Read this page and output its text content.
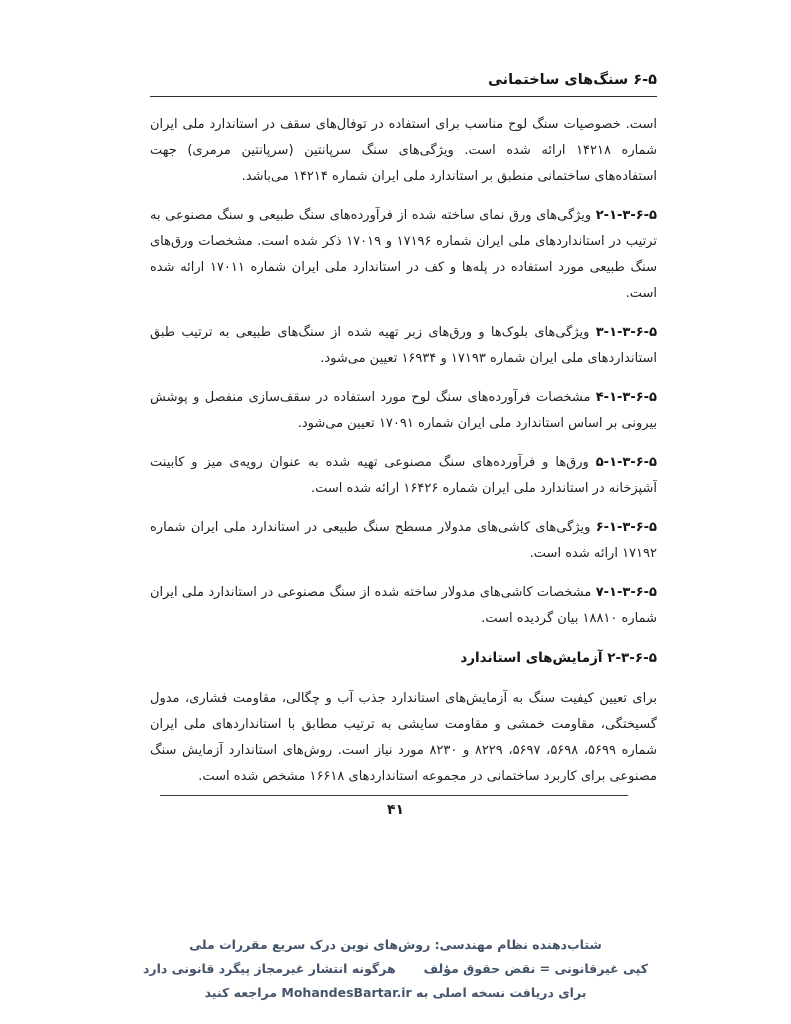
۵-۶ سنگ‌های ساختمانی

است. خصوصیات سنگ لوح مناسب برای استفاده در توفال‌های سقف در استاندارد ملی ایران شماره ۱۴۲۱۸ ارائه شده است. ویژگی‌های سنگ سرپانتین (سرپانتین مرمری) جهت استفاده‌های ساختمانی منطبق بر استاندارد ملی ایران شماره ۱۴۲۱۴ می‌باشد.

۵-۶-۳-۱-۲ ویژگی‌های ورق نمای ساخته شده از فرآورده‌های سنگ طبیعی و سنگ مصنوعی به ترتیب در استانداردهای ملی ایران شماره ۱۷۱۹۶ و ۱۷۰۱۹ ذکر شده است. مشخصات ورق‌های سنگ طبیعی مورد استفاده در پله‌ها و کف در استاندارد ملی ایران شماره ۱۷۰۱۱ ارائه شده است.

۵-۶-۳-۱-۳ ویژگی‌های بلوک‌ها و ورق‌های زبر تهیه شده از سنگ‌های طبیعی به ترتیب طبق استانداردهای ملی ایران شماره ۱۷۱۹۳ و ۱۶۹۳۴ تعیین می‌شود.

۵-۶-۳-۱-۴ مشخصات فرآورده‌های سنگ لوح مورد استفاده در سقف‌سازی منفصل و پوشش بیرونی بر اساس استاندارد ملی ایران شماره ۱۷۰۹۱ تعیین می‌شود.

۵-۶-۳-۱-۵ ورق‌ها و فرآورده‌های سنگ مصنوعی تهیه شده به عنوان رویه‌ی میز و کابینت آشپزخانه در استاندارد ملی ایران شماره ۱۶۴۲۶ ارائه شده است.

۵-۶-۳-۱-۶ ویژگی‌های کاشی‌های مدولار مسطح سنگ طبیعی در استاندارد ملی ایران شماره ۱۷۱۹۲ ارائه شده است.

۵-۶-۳-۱-۷ مشخصات کاشی‌های مدولار ساخته شده از سنگ مصنوعی در استاندارد ملی ایران شماره ۱۸۸۱۰ بیان گردیده است.

۵-۶-۳-۲ آزمایش‌های استاندارد

برای تعیین کیفیت سنگ به آزمایش‌های استاندارد جذب آب و چگالی، مقاومت فشاری، مدول گسیختگی، مقاومت خمشی و مقاومت سایشی به ترتیب مطابق با استانداردهای ملی ایران شماره ۵۶۹۹، ۵۶۹۸، ۵۶۹۷، ۸۲۲۹ و ۸۲۳۰ مورد نیاز است. روش‌های استاندارد آزمایش سنگ مصنوعی برای کاربرد ساختمانی در مجموعه استانداردهای ۱۶۶۱۸ مشخص شده است.

۴۱
شتاب‌دهنده نظام مهندسی: روش‌های نوین درک سریع مقررات ملی
کپی غیرقانونی = نقض حقوق مؤلف
هرگونه انتشار غیرمجاز پیگرد قانونی دارد
برای دریافت نسخه اصلی به MohandesBartar.ir مراجعه کنید
